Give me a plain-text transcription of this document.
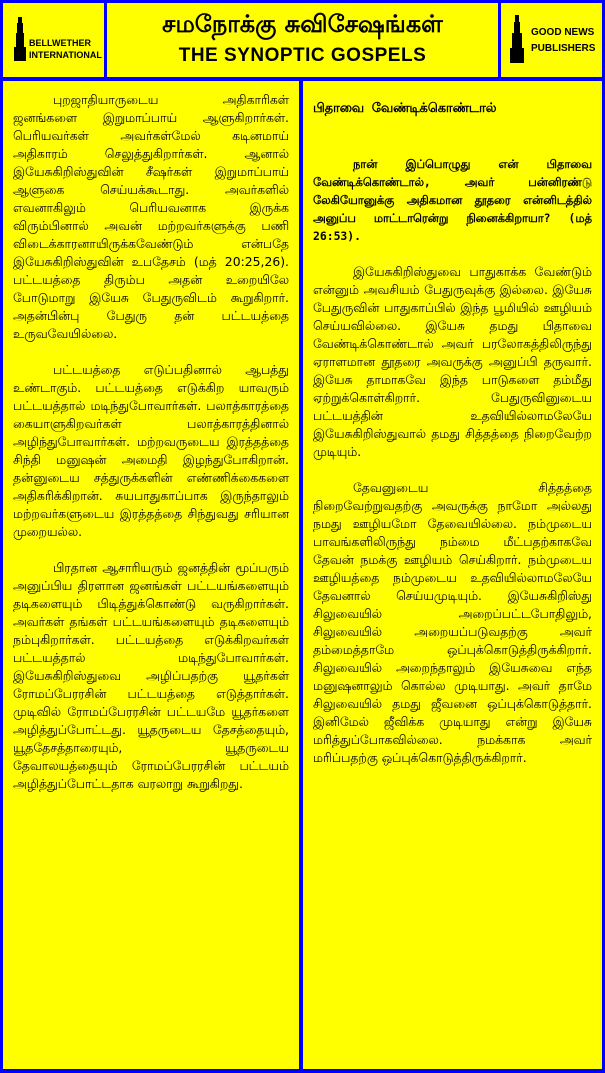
BELLWETHER
INTERNATIONAL
சமநோக்கு சுவிசேஷங்கள்
THE SYNOPTIC GOSPELS
GOOD NEWS
PUBLISHERS

புறஜாதியாருடைய அதிகாரிகள் ஜனங்களை இறுமாப்பாய் ஆளுகிறார்கள். பெரியவர்கள் அவர்கள்மேல் கடினமாய் அதிகாரம் செலுத்துகிறார்கள். ஆனால் இயேசுகிறிஸ்துவின் சீஷர்கள் இறுமாப்பாய் ஆளுகை செய்யக்கூடாது. அவர்களில் எவனாகிலும் பெரியவனாக இருக்க விரும்பினால் அவன் மற்றவர்களுக்கு பணி விடைக்காரனாயிருக்கவேண்டும் என்பதே இயேசுகிறிஸ்துவின் உபதேசம் (மத் 20:25,26). பட்டயத்தை திரும்ப அதன் உறையிலே போடுமாறு இயேசு பேதுருவிடம் கூறுகிறார். அதன்பின்பு பேதுரு தன் பட்டயத்தை உருவவேயில்லை.

பட்டயத்தை எடுப்பதினால் ஆபத்து உண்டாகும். பட்டயத்தை எடுக்கிற யாவரும் பட்டயத்தால் மடிந்துபோவார்கள். பலாத்காரத்தை கையாளுகிறவர்கள் பலாத்காரத்தினால் அழிந்துபோவார்கள். மற்றவருடைய இரத்தத்தை சிந்தி மனுஷன் அமைதி இழந்துபோகிறான். தன்னுடைய சத்துருக்களின் எண்ணிக்கைகளை அதிகரிக்கிறான். சுயபாதுகாப்பாக இருந்தாலும் மற்றவர்களுடைய இரத்தத்தை சிந்துவது சரியான முறையல்ல.

பிரதான ஆசாரியரும் ஜனத்தின் மூப்பரும் அனுப்பிய திரளான ஜனங்கள் பட்டயங்களையும் தடிகளையும் பிடித்துக்கொண்டு வருகிறார்கள். அவர்கள் தங்கள் பட்டயங்களையும் தடிகளையும் நம்புகிறார்கள். பட்டயத்தை எடுக்கிறவர்கள் பட்டயத்தால் மடிந்துபோவார்கள். இயேசுகிறிஸ்துவை அழிப்பதற்கு யூதர்கள் ரோமப்பேரரசின் பட்டயத்தை எடுத்தார்கள். முடிவில் ரோமப்பேரரசின் பட்டயமே யூதர்களை அழித்துப்போட்டது. யூதருடைய தேசத்தையும், யூததேசத்தாரையும், யூதருடைய தேவாலயத்தையும் ரோமப்பேரரசின் பட்டயம் அழித்துப்போட்டதாக வரலாறு கூறுகிறது.

பிதாவை வேண்டிக்கொண்டால்

நான் இப்பொழுது என் பிதாவை வேண்டிக்கொண்டால், அவர் பன்னிரண்டு லேகியோனுக்கு அதிகமான தூதரை என்னிடத்தில் அனுப்ப மாட்டாரென்று நினைக்கிறாயா? (மத் 26:53).

இயேசுகிறிஸ்துவை பாதுகாக்க வேண்டும் என்னும் அவசியம் பேதுருவுக்கு இல்லை. இயேசு பேதுருவின் பாதுகாப்பில் இந்த பூமியில் ஊழியம் செய்யவில்லை. இயேசு தமது பிதாவை வேண்டிக்கொண்டால் அவர் பரலோகத்திலிருந்து ஏராளமான தூதரை அவருக்கு அனுப்பி தருவார். இயேசு தாமாகவே இந்த பாடுகளை தம்மீது ஏற்றுக்கொள்கிறார். பேதுருவினுடைய பட்டயத்தின் உதவியில்லாமலேயே இயேசுகிறிஸ்துவால் தமது சித்தத்தை நிறைவேற்ற முடியும்.

தேவனுடைய சித்தத்தை நிறைவேற்றுவதற்கு அவருக்கு நாமோ அல்லது நமது ஊழியமோ தேவையில்லை. நம்முடைய பாவங்களிலிருந்து நம்மை மீட்பதற்காகவே தேவன் நமக்கு ஊழியம் செய்கிறார். நம்முடைய ஊழியத்தை நம்முடைய உதவியில்லாமலேயே தேவனால் செய்யமுடியும். இயேசுகிறிஸ்து சிலுவையில் அறைப்பட்டபோதிலும், சிலுவையில் அறையப்படுவதற்கு அவர் தம்மைத்தாமே ஒப்புக்கொடுத்திருக்கிறார். சிலுவையில் அறைந்தாலும் இயேசுவை எந்த மனுஷனாலும் கொல்ல முடியாது. அவர் தாமே சிலுவையில் தமது ஜீவனை ஒப்புக்கொடுத்தார். இனிமேல் ஜீவிக்க முடியாது என்று இயேசு மரித்துப்போகவில்லை. நமக்காக அவர் மரிப்பதற்கு ஒப்புக்கொடுத்திருக்கிறார்.
